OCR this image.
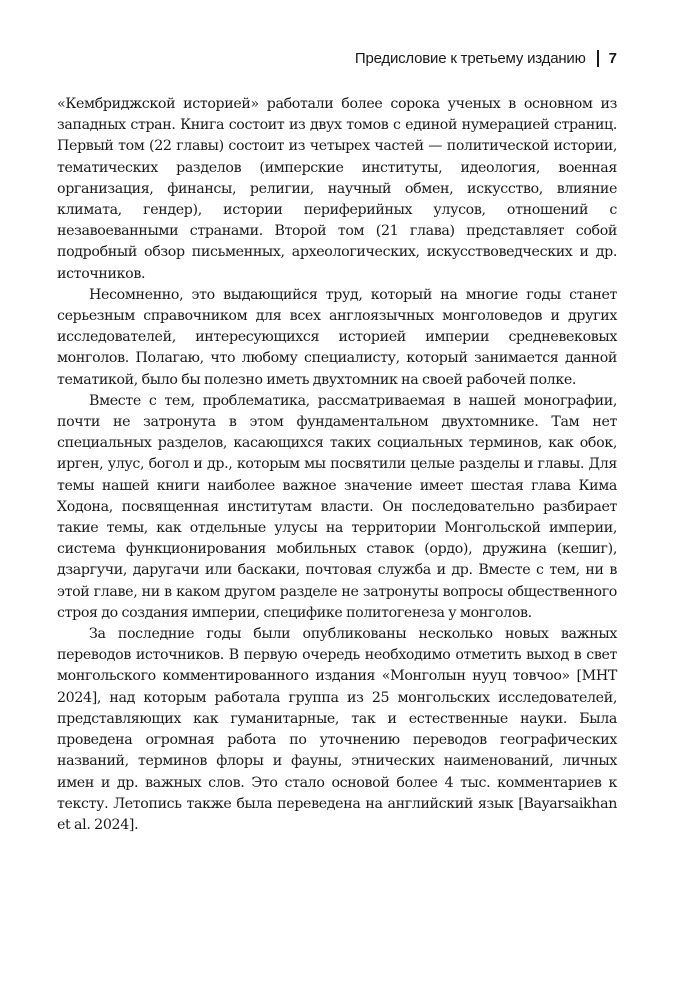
Предисловие к третьему изданию 7

«Кембриджской историей» работали более сорока ученых в основном из западных стран. Книга состоит из двух томов с единой нумерацией страниц. Первый том (22 главы) состоит из четырех частей — политической истории, тематических разделов (имперские институты, идеология, военная организация, финансы, религии, научный обмен, искусство, влияние климата, гендер), истории периферийных улусов, отношений с незавоеванными странами. Второй том (21 глава) представляет собой подробный обзор письменных, археологических, искусствоведческих и др. источников.

Несомненно, это выдающийся труд, который на многие годы станет серьезным справочником для всех англоязычных монголоведов и других исследователей, интересующихся историей империи средневековых монголов. Полагаю, что любому специалисту, который занимается данной тематикой, было бы полезно иметь двухтомник на своей рабочей полке.

Вместе с тем, проблематика, рассматриваемая в нашей монографии, почти не затронута в этом фундаментальном двухтомнике. Там нет специальных разделов, касающихся таких социальных терминов, как обок, ирген, улус, богол и др., которым мы посвятили целые разделы и главы. Для темы нашей книги наиболее важное значение имеет шестая глава Кима Ходона, посвященная институтам власти. Он последовательно разбирает такие темы, как отдельные улусы на территории Монгольской империи, система функционирования мобильных ставок (ордо), дружина (кешиг), дзаргучи, даругачи или баскаки, почтовая служба и др. Вместе с тем, ни в этой главе, ни в каком другом разделе не затронуты вопросы общественного строя до создания империи, специфике политогенеза у монголов.

За последние годы были опубликованы несколько новых важных переводов источников. В первую очередь необходимо отметить выход в свет монгольского комментированного издания «Монголын нууц товчоо» [МНТ 2024], над которым работала группа из 25 монгольских исследователей, представляющих как гуманитарные, так и естественные науки. Была проведена огромная работа по уточнению переводов географических названий, терминов флоры и фауны, этнических наименований, личных имен и др. важных слов. Это стало основой более 4 тыс. комментариев к тексту. Летопись также была переведена на английский язык [Bayarsaikhan et al. 2024].
